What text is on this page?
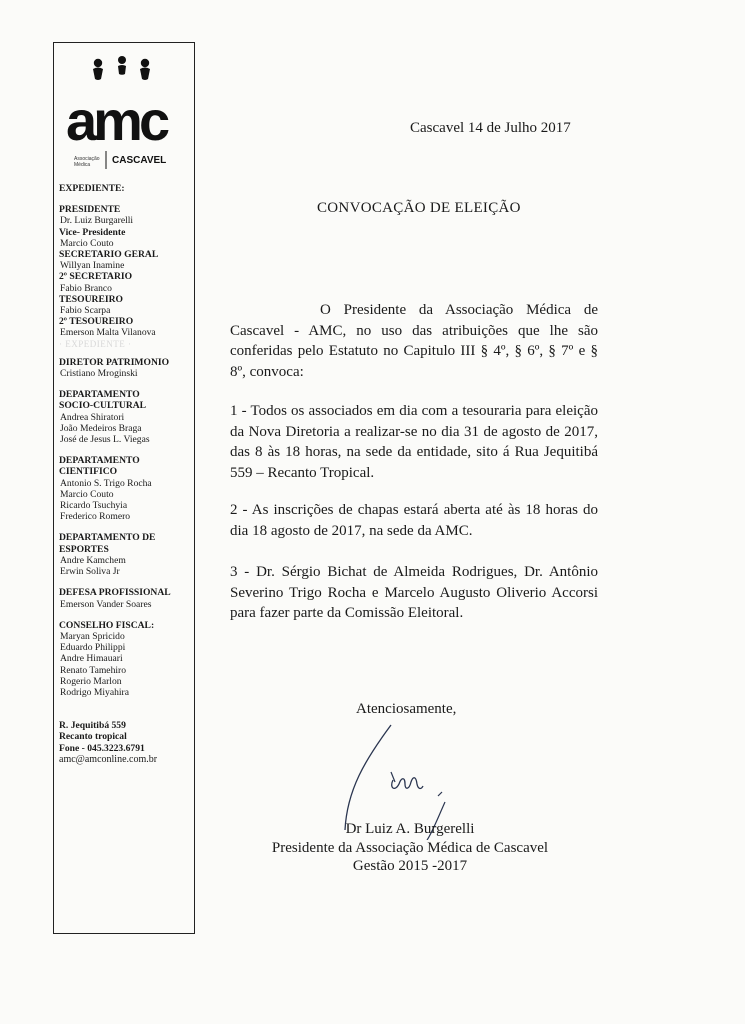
amc
Associação
Médica CASCAVEL
EXPEDIENTE:
PRESIDENTE
Dr. Luiz Burgarelli
Vice- Presidente
Marcio Couto
SECRETARIO GERAL
Willyan Inamine
2º SECRETARIO
Fabio Branco
TESOUREIRO
Fabio Scarpa
2º TESOUREIRO
Emerson Malta Vilanova
· EXPEDIENTE ·
DIRETOR PATRIMONIO
Cristiano Mroginski
DEPARTAMENTO
SOCIO-CULTURAL
Andrea Shiratori
João Medeiros Braga
José de Jesus L. Viegas
DEPARTAMENTO
CIENTIFICO
Antonio S. Trigo Rocha
Marcio Couto
Ricardo Tsuchyia
Frederico Romero
DEPARTAMENTO DE
ESPORTES
Andre Kamchem
Erwin Soliva Jr
DEFESA PROFISSIONAL
Emerson Vander Soares
CONSELHO FISCAL:
Maryan Spricido
Eduardo Philippi
Andre Himauari
Renato Tamehiro
Rogerio Marlon
Rodrigo Miyahira
R. Jequitibá 559
Recanto tropical
Fone - 045.3223.6791
amc@amconline.com.br
Cascavel 14 de Julho 2017
CONVOCAÇÃO DE ELEIÇÃO
O Presidente da Associação Médica de Cascavel - AMC, no uso das atribuições que lhe são conferidas pelo Estatuto no Capitulo III § 4º, § 6º, § 7º e § 8º, convoca:
1 - Todos os associados em dia com a tesouraria para eleição da Nova Diretoria a realizar-se no dia 31 de agosto de 2017, das 8 às 18 horas, na sede da entidade, sito á Rua Jequitibá 559 – Recanto Tropical.
2 - As inscrições de chapas estará aberta até às 18 horas do dia 18 agosto de 2017, na sede da AMC.
3 - Dr. Sérgio Bichat de Almeida Rodrigues, Dr. Antônio Severino Trigo Rocha e Marcelo Augusto Oliverio Accorsi para fazer parte da Comissão Eleitoral.
Atenciosamente,
Dr Luiz A. Burgerelli
Presidente da Associação Médica de Cascavel
Gestão 2015 -2017
